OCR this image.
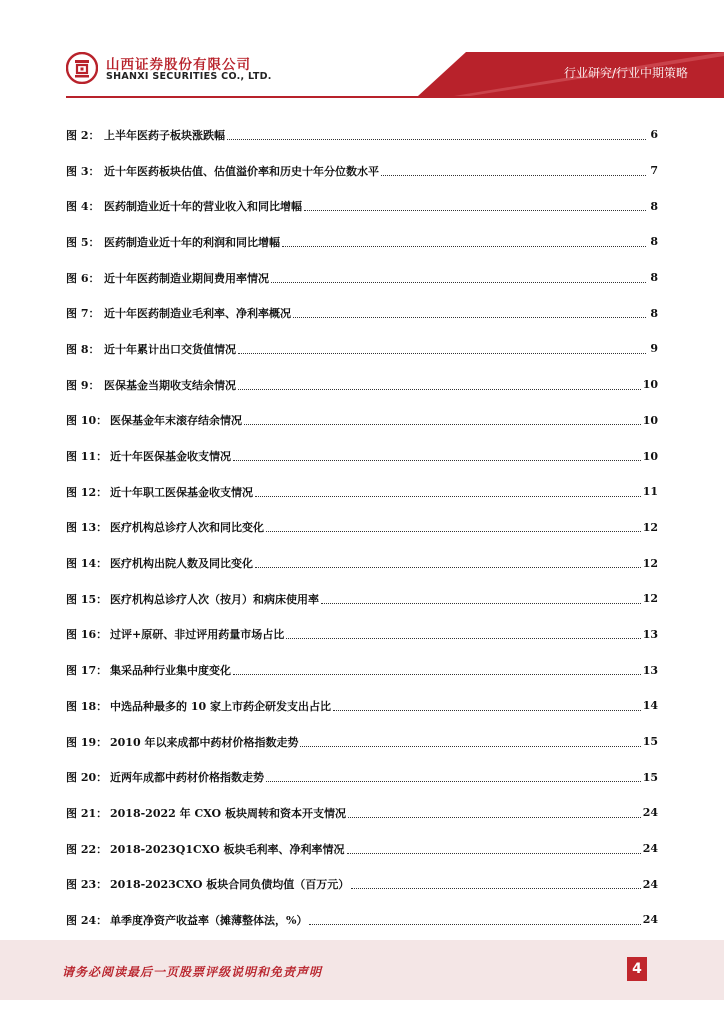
山西证券股份有限公司
SHANXI SECURITIES CO., LTD.	行业研究/行业中期策略
图 2： 上半年医药子板块涨跌幅	6
图 3： 近十年医药板块估值、估值溢价率和历史十年分位数水平	7
图 4： 医药制造业近十年的营业收入和同比增幅	8
图 5： 医药制造业近十年的利润和同比增幅	8
图 6： 近十年医药制造业期间费用率情况	8
图 7： 近十年医药制造业毛利率、净利率概况	8
图 8： 近十年累计出口交货值情况	9
图 9： 医保基金当期收支结余情况	10
图 10： 医保基金年末滚存结余情况	10
图 11： 近十年医保基金收支情况	10
图 12： 近十年职工医保基金收支情况	11
图 13： 医疗机构总诊疗人次和同比变化	12
图 14： 医疗机构出院人数及同比变化	12
图 15： 医疗机构总诊疗人次（按月）和病床使用率	12
图 16： 过评+原研、非过评用药量市场占比	13
图 17： 集采品种行业集中度变化	13
图 18： 中选品种最多的 10 家上市药企研发支出占比	14
图 19： 2010 年以来成都中药材价格指数走势	15
图 20： 近两年成都中药材价格指数走势	15
图 21： 2018-2022 年 CXO 板块周转和资本开支情况	24
图 22： 2018-2023Q1CXO 板块毛利率、净利率情况	24
图 23： 2018-2023CXO 板块合同负债均值（百万元）	24
图 24： 单季度净资产收益率（摊薄整体法，%）	24
请务必阅读最后一页股票评级说明和免责声明	4
